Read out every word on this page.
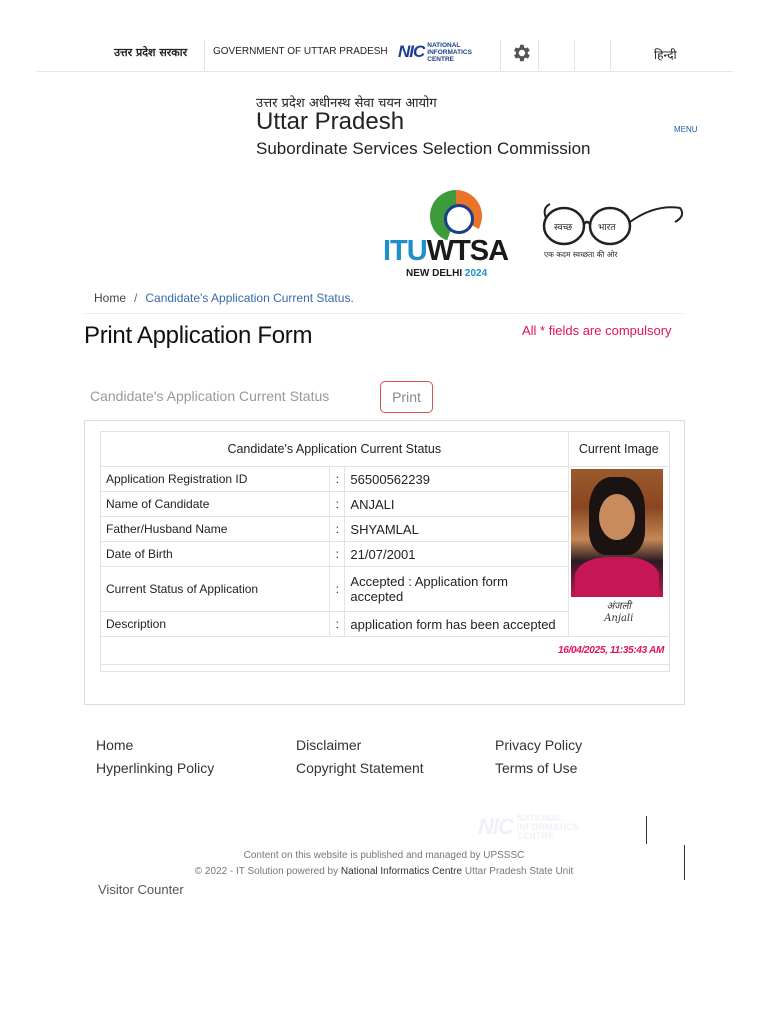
उत्तर प्रदेश सरकार	GOVERNMENT OF UTTAR PRADESH NIC NATIONAL
INFORMATICS
CENTRE	हिन्दी
उत्तर प्रदेश अधीनस्थ सेवा चयन आयोग
Uttar Pradesh
Subordinate Services Selection Commission
MENU
ITUWTSA
NEW DELHI 2024
स्वच्छ	भारत
एक कदम स्वच्छता की ओर
Home / Candidate's Application Current Status.
Print Application Form	All * fields are compulsory
Candidate's Application Current Status	Print
Candidate's Application Current Status			Current Image
Application Registration ID	:	56500562239	अंजली
Anjali

Name of Candidate	:	ANJALI	
Father/Husband Name	:	SHYAMLAL	
Date of Birth	:	21/07/2001	
Current Status of Application	:	Accepted : Application form accepted	
Description	:	application form has been accepted	
16/04/2025, 11:35:43 AM			

Home
Hyperlinking Policy
Disclaimer
Copyright Statement
Privacy Policy
Terms of Use
NIC NATIONAL INFORMATICS CENTRE
Content on this website is published and managed by UPSSSC
© 2022 - IT Solution powered by National Informatics Centre Uttar Pradesh State Unit
Visitor Counter
